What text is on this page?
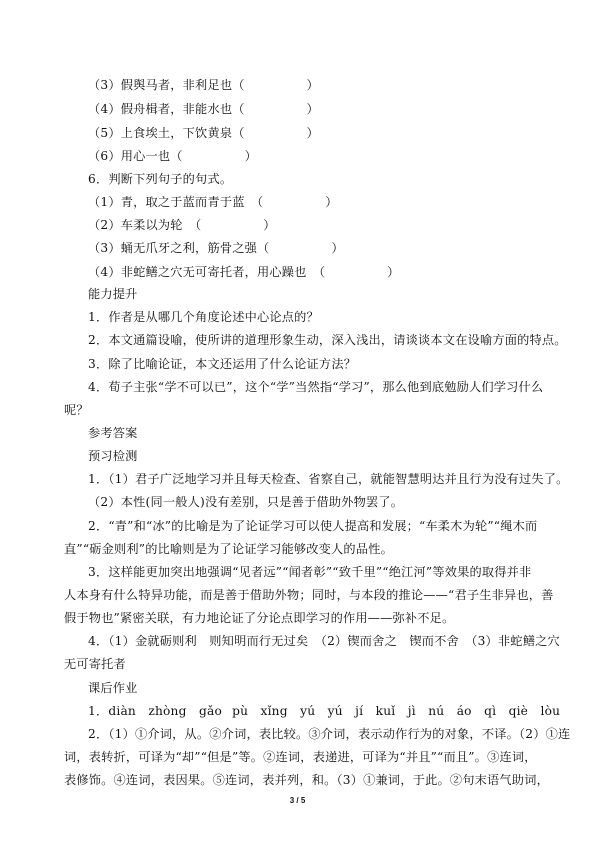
（3）假舆马者，非利足也（　　　　　）
（4）假舟楫者，非能水也（　　　　　）
（5）上食埃土，下饮黄泉（　　　　　）
（6）用心一也（　　　　　）
6．判断下列句子的句式。
（1）青，取之于蓝而青于蓝　（　　　　　）
（2）车柔以为轮　（　　　　　）
（3）蛹无爪牙之利，筋骨之强（　　　　　）
（4）非蛇鳝之穴无可寄托者，用心躁也　（　　　　　）
能力提升
1．作者是从哪几个角度论述中心论点的？
2．本文通篇设喻，使所讲的道理形象生动，深入浅出，请谈谈本文在设喻方面的特点。
3．除了比喻论证，本文还运用了什么论证方法？
4．荀子主张“学不可以已”，这个“学”当然指“学习”，那么他到底勉励人们学习什么
呢？
参考答案
预习检测
1．（1）君子广泛地学习并且每天检查、省察自己，就能智慧明达并且行为没有过失了。
（2）本性(同一般人)没有差别，只是善于借助外物罢了。
2．“青”和“冰”的比喻是为了论证学习可以使人提高和发展；“车柔木为轮”“绳木而
直”“砺金则利”的比喻则是为了论证学习能够改变人的品性。
3．这样能更加突出地强调“见者远”“闻者彰”“致千里”“绝江河”等效果的取得并非
人本身有什么特异功能，而是善于借助外物；同时，与本段的推论——“君子生非异也，善
假于物也”紧密关联，有力地论证了分论点即学习的作用——弥补不足。
4．（1）金就砺则利　则知明而行无过矣　（2）锲而舍之　锲而不舍　（3）非蛇鳝之穴
无可寄托者
课后作业
1．diàn　zhòng　gǎo pù　xǐng　yú　yú　jí　kuǐ　jì　nú　áo　qì　qiè　lòu
2．（1）①介词，从。②介词，表比较。③介词，表示动作行为的对象，不译。（2）①连
词，表转折，可译为“却”“但是”等。②连词，表递进，可译为“并且”“而且”。③连词，
表修饰。④连词，表因果。⑤连词，表并列，和。（3）①兼词，于此。②句末语气助词，
3 / 5
